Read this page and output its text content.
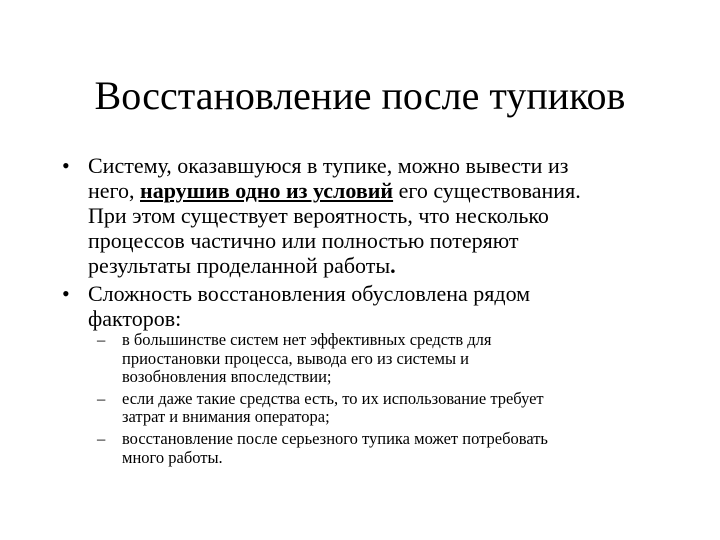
Восстановление после тупиков
• Систему, оказавшуюся в тупике, можно вывести из
него, нарушив одно из условий его существования.
При этом существует вероятность, что несколько
процессов частично или полностью потеряют
результаты проделанной работы.
• Сложность восстановления обусловлена рядом
факторов:
–	в большинстве систем нет эффективных средств для
приостановки процесса, вывода его из системы и
возобновления впоследствии;
–	если даже такие средства есть, то их использование требует
затрат и внимания оператора;
–	восстановление после серьезного тупика может потребовать
много работы.
